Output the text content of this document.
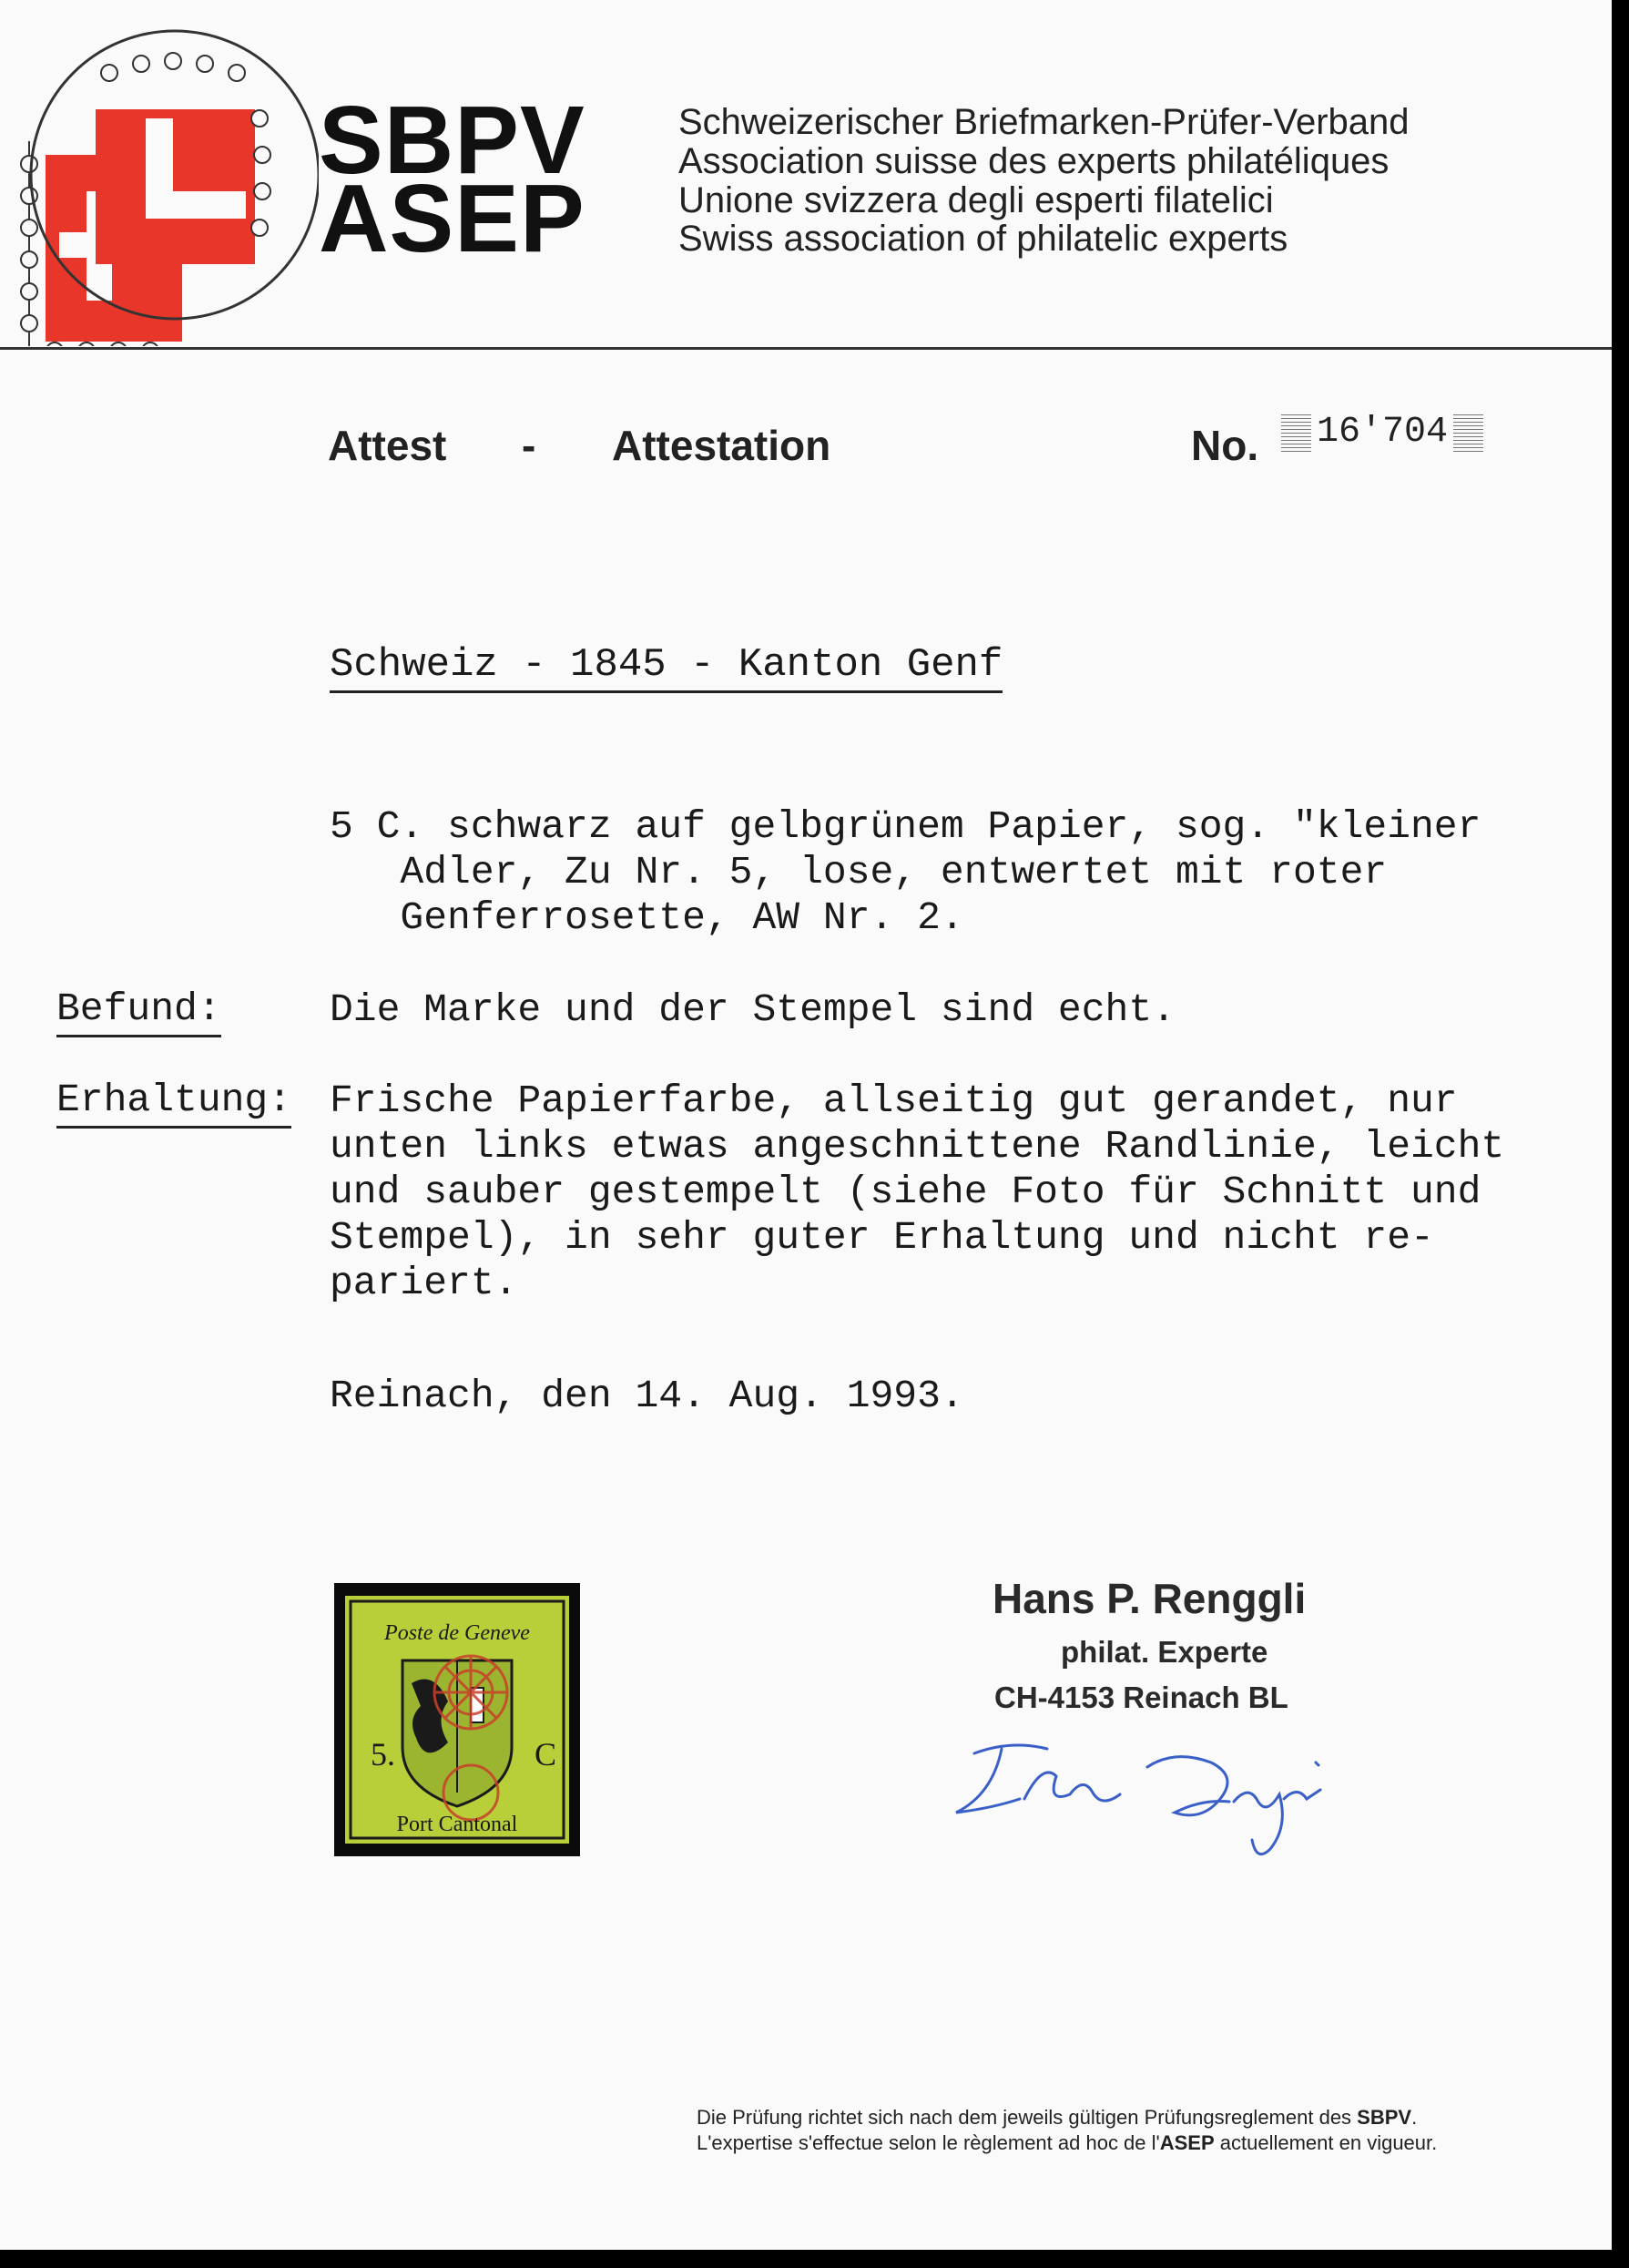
SBPV
ASEP
Schweizerischer Briefmarken-Prüfer-Verband
Association suisse des experts philatéliques
Unione svizzera degli esperti filatelici
Swiss association of philatelic experts
Attest - Attestation	No.	16'704
Schweiz - 1845 - Kanton Genf
5 C. schwarz auf gelbgrünem Papier, sog. "kleiner
Adler, Zu Nr. 5, lose, entwertet mit roter
Genferrosette, AW Nr. 2.
Befund:	Die Marke und der Stempel sind echt.
Erhaltung: Frische Papierfarbe, allseitig gut gerandet, nur
unten links etwas angeschnittene Randlinie, leicht
und sauber gestempelt (siehe Foto für Schnitt und
Stempel), in sehr guter Erhaltung und nicht re-
pariert.
Reinach, den 14. Aug. 1993.
Poste de Geneve
5.	C
Port Cantonal
Hans P. Renggli
philat. Experte
CH-4153 Reinach BL
Die Prüfung richtet sich nach dem jeweils gültigen Prüfungsreglement des SBPV.
L'expertise s'effectue selon le règlement ad hoc de l'ASEP actuellement en vigueur.
